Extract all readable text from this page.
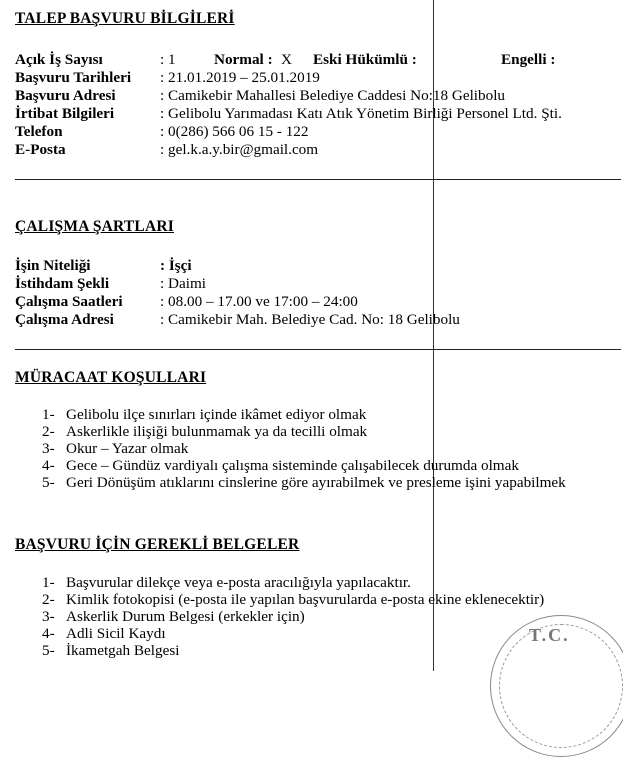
TALEP BAŞVURU BİLGİLERİ
Açık İş Sayısı	: 1	Normal : X Eski Hükümlü :	Engelli :
Başvuru Tarihleri : 21.01.2019 – 25.01.2019
Başvuru Adresi	: Camikebir Mahallesi Belediye Caddesi No:18 Gelibolu
İrtibat Bilgileri	: Gelibolu Yarımadası Katı Atık Yönetim Birliği Personel Ltd. Şti.
Telefon	: 0(286) 566 06 15 - 122
E-Posta	: gel.k.a.y.bir@gmail.com
ÇALIŞMA ŞARTLARI
İşin Niteliği	: İşçi
İstihdam Şekli	: Daimi
Çalışma Saatleri : 08.00 – 17.00 ve 17:00 – 24:00
Çalışma Adresi	: Camikebir Mah. Belediye Cad. No: 18 Gelibolu
MÜRACAAT KOŞULLARI
1- Gelibolu ilçe sınırları içinde ikâmet ediyor olmak
2- Askerlikle ilişiği bulunmamak ya da tecilli olmak
3- Okur – Yazar olmak
4- Gece – Gündüz vardiyalı çalışma sisteminde çalışabilecek durumda olmak
5- Geri Dönüşüm atıklarını cinslerine göre ayırabilmek ve presleme işini yapabilmek
BAŞVURU İÇİN GEREKLİ BELGELER
1- Başvurular dilekçe veya e-posta aracılığıyla yapılacaktır.
2- Kimlik fotokopisi (e-posta ile yapılan başvurularda e-posta ekine eklenecektir)
3- Askerlik Durum Belgesi (erkekler için)
4- Adli Sicil Kaydı
5- İkametgah Belgesi
T.C.
